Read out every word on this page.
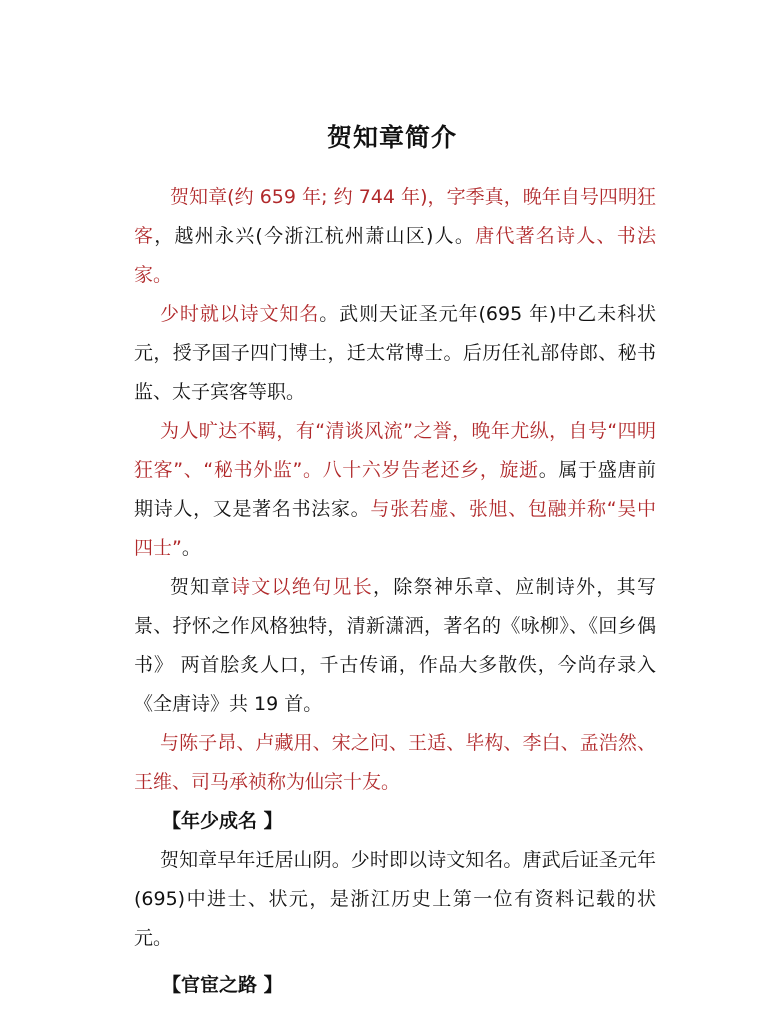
贺知章简介

贺知章(约 659 年; 约 744 年)，字季真，晚年自号四明狂客，越州永兴(今浙江杭州萧山区)人。唐代著名诗人、书法家。

少时就以诗文知名。武则天证圣元年(695 年)中乙未科状元，授予国子四门博士，迁太常博士。后历任礼部侍郎、秘书监、太子宾客等职。

为人旷达不羁，有“清谈风流”之誉，晚年尤纵，自号“四明狂客”、“秘书外监”。八十六岁告老还乡，旋逝。属于盛唐前期诗人，又是著名书法家。与张若虚、张旭、包融并称“吴中四士”。

贺知章诗文以绝句见长，除祭神乐章、应制诗外，其写景、抒怀之作风格独特，清新潇洒，著名的《咏柳》、《回乡偶书》 两首脍炙人口，千古传诵，作品大多散佚，今尚存录入《全唐诗》共 19 首。

与陈子昂、卢藏用、宋之问、王适、毕构、李白、孟浩然、王维、司马承祯称为仙宗十友。

【年少成名 】

贺知章早年迁居山阴。少时即以诗文知名。唐武后证圣元年(695)中进士、状元，是浙江历史上第一位有资料记载的状元。

【官宦之路 】
